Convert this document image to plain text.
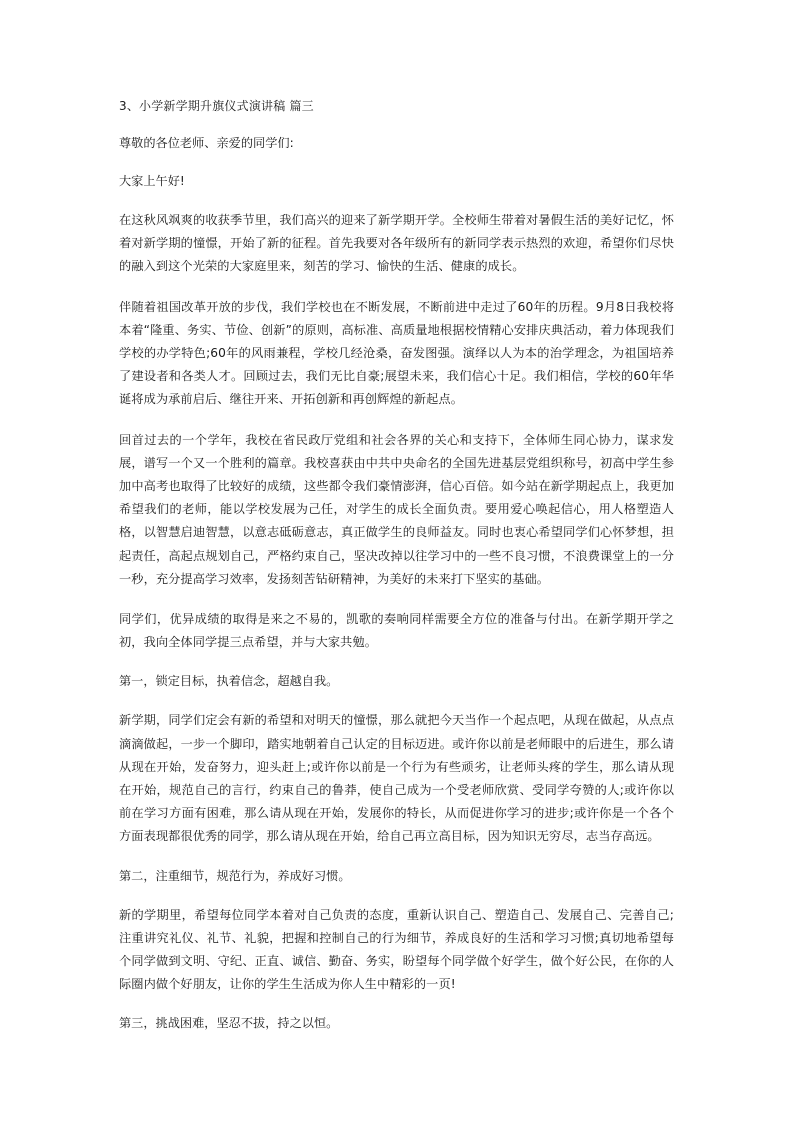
3、小学新学期升旗仪式演讲稿 篇三

尊敬的各位老师、亲爱的同学们:

大家上午好!

在这秋风飒爽的收获季节里，我们高兴的迎来了新学期开学。全校师生带着对暑假生活的美好记忆，怀着对新学期的憧憬，开始了新的征程。首先我要对各年级所有的新同学表示热烈的欢迎，希望你们尽快的融入到这个光荣的大家庭里来，刻苦的学习、愉快的生活、健康的成长。

伴随着祖国改革开放的步伐，我们学校也在不断发展，不断前进中走过了60年的历程。9月8日我校将本着“隆重、务实、节俭、创新”的原则，高标准、高质量地根据校情精心安排庆典活动，着力体现我们学校的办学特色;60年的风雨兼程，学校几经沧桑，奋发图强。演绎以人为本的治学理念，为祖国培养了建设者和各类人才。回顾过去，我们无比自豪;展望未来，我们信心十足。我们相信，学校的60年华诞将成为承前启后、继往开来、开拓创新和再创辉煌的新起点。

回首过去的一个学年，我校在省民政厅党组和社会各界的关心和支持下，全体师生同心协力，谋求发展，谱写一个又一个胜利的篇章。我校喜获由中共中央命名的全国先进基层党组织称号，初高中学生参加中高考也取得了比较好的成绩，这些都令我们豪情澎湃，信心百倍。如今站在新学期起点上，我更加希望我们的老师，能以学校发展为己任，对学生的成长全面负责。要用爱心唤起信心，用人格塑造人格，以智慧启迪智慧，以意志砥砺意志，真正做学生的良师益友。同时也衷心希望同学们心怀梦想，担起责任，高起点规划自己，严格约束自己，坚决改掉以往学习中的一些不良习惯，不浪费课堂上的一分一秒，充分提高学习效率，发扬刻苦钻研精神，为美好的未来打下坚实的基础。

同学们，优异成绩的取得是来之不易的，凯歌的奏响同样需要全方位的准备与付出。在新学期开学之初，我向全体同学提三点希望，并与大家共勉。

第一，锁定目标，执着信念，超越自我。

新学期，同学们定会有新的希望和对明天的憧憬，那么就把今天当作一个起点吧，从现在做起，从点点滴滴做起，一步一个脚印，踏实地朝着自己认定的目标迈进。或许你以前是老师眼中的后进生，那么请从现在开始，发奋努力，迎头赶上;或许你以前是一个行为有些顽劣，让老师头疼的学生，那么请从现在开始，规范自己的言行，约束自己的鲁莽，使自己成为一个受老师欣赏、受同学夸赞的人;或许你以前在学习方面有困难，那么请从现在开始，发展你的特长，从而促进你学习的进步;或许你是一个各个方面表现都很优秀的同学，那么请从现在开始，给自己再立高目标，因为知识无穷尽，志当存高远。

第二，注重细节，规范行为，养成好习惯。

新的学期里，希望每位同学本着对自己负责的态度，重新认识自己、塑造自己、发展自己、完善自己;注重讲究礼仪、礼节、礼貌，把握和控制自己的行为细节，养成良好的生活和学习习惯;真切地希望每个同学做到文明、守纪、正直、诚信、勤奋、务实，盼望每个同学做个好学生，做个好公民，在你的人际圈内做个好朋友，让你的学生生活成为你人生中精彩的一页!

第三，挑战困难，坚忍不拔，持之以恒。
